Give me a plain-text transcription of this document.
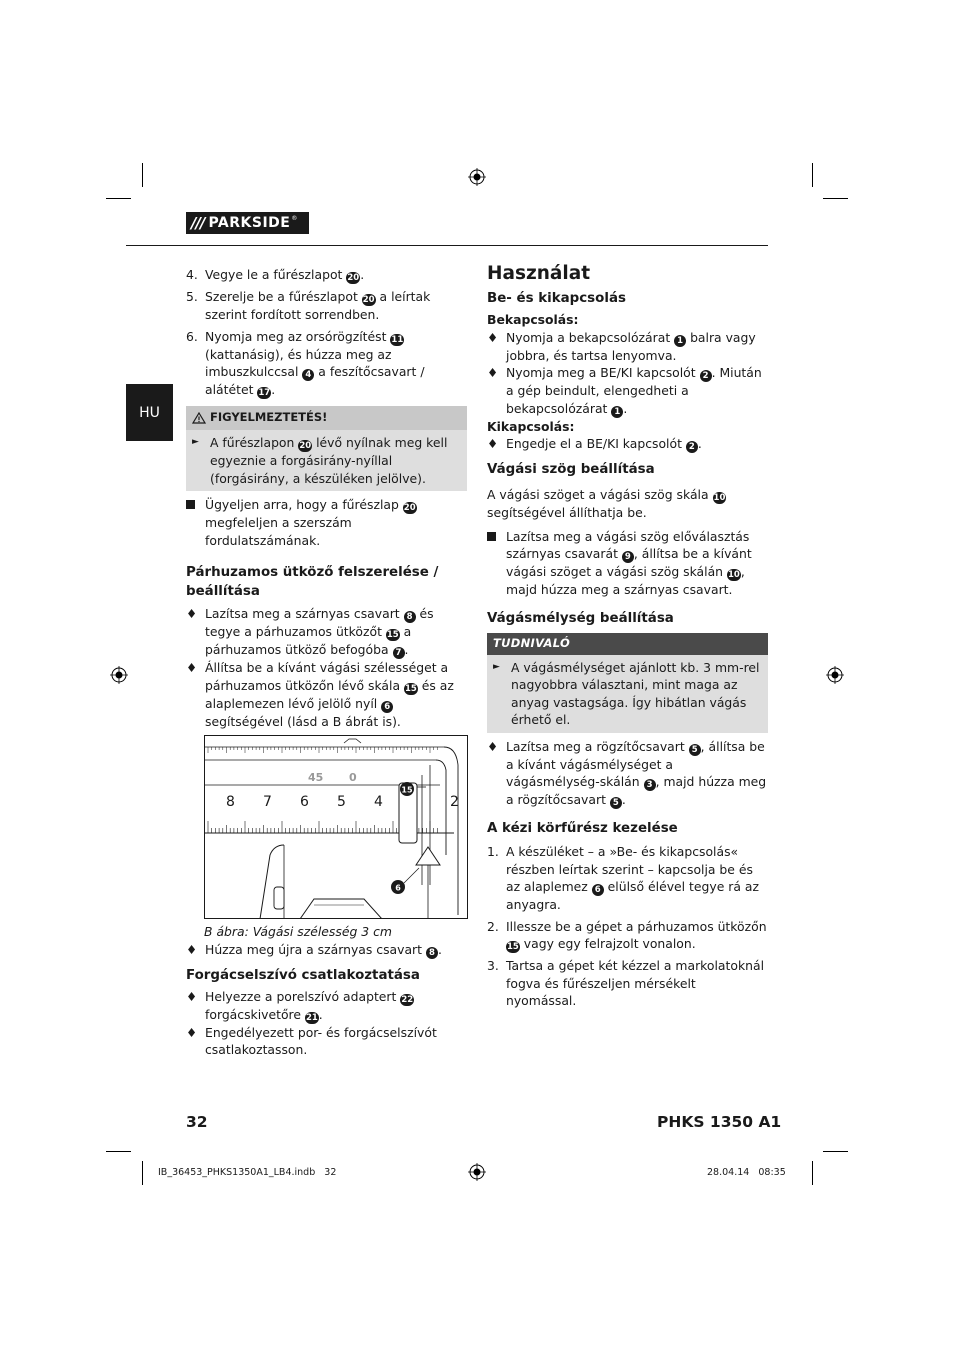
/// PARKSIDE ®
HU
4. Vegye le a fűrészlapot 20.
5. Szerelje be a fűrészlapot 20 a leírtak szerint fordított sorrendben.
6. Nyomja meg az orsórögzítést 11 (kattanásig), és húzza meg az imbuszkulccsal 4 a feszítőcsavart / alátétet 17.
FIGYELMEZTETÉS!
► A fűrészlapon 20 lévő nyílnak meg kell egyeznie a forgásirány-nyíllal (forgásirány, a készüléken jelölve).
Ügyeljen arra, hogy a fűrészlap 20 megfeleljen a szerszám fordulatszámának.

Párhuzamos ütköző felszerelése / beállítása

♦ Lazítsa meg a szárnyas csavart 8 és tegye a párhuzamos ütközőt 15 a párhuzamos ütköző befogóba 7 .
♦ Állítsa be a kívánt vágási szélességet a párhuzamos ütközőn lévő skála 15 és az alaplemezen lévő jelölő nyíl 6 segítségével (lásd a B ábrát is).
45 0
8 7 6 5 4	2
15
6

B ábra: Vágási szélesség 3 cm

♦ Húzza meg újra a szárnyas csavart 8 .

Forgácselszívó csatlakoztatása

♦ Helyezze a porelszívó adaptert 22 forgácskivetőre 21.
♦ Engedélyezett por- és forgácselszívót csatlakoztasson.

Használat

Be- és kikapcsolás

Bekapcsolás:

♦ Nyomja a bekapcsolózárat 1 balra vagy jobbra, és tartsa lenyomva.
♦ Nyomja meg a BE/KI kapcsolót 2 . Miután a gép beindult, elengedheti a bekapcsolózárat 1 .

Kikapcsolás:

♦ Engedje el a BE/KI kapcsolót 2 .

Vágási szög beállítása

A vágási szöget a vágási szög skála 10 segítségével állíthatja be.

Lazítsa meg a vágási szög előválasztás szárnyas csavarát 9 , állítsa be a kívánt vágási szöget a vágási szög skálán 10, majd húzza meg a szárnyas csavart.

Vágásmélység beállítása

TUDNIVALÓ
► A vágásmélységet ajánlott kb. 3 mm-rel nagyobbra választani, mint maga az anyag vastagsága. Így hibátlan vágás érhető el.
♦ Lazítsa meg a rögzítőcsavart 5 , állítsa be a kívánt vágásmélységet a vágásmélység-skálán 3 , majd húzza meg a rögzítőcsavart 5 .

A kézi körfűrész kezelése

1. A készüléket – a »Be- és kikapcsolás« részben leírtak szerint – kapcsolja be és az alaplemez 6 elülső élével tegye rá az anyagra.
2. Illessze be a gépet a párhuzamos ütközőn 15 vagy egy felrajzolt vonalon.
3. Tartsa a gépet két kézzel a markolatoknál fogva és fűrészeljen mérsékelt nyomással.
32	PHKS 1350 A1
IB_36453_PHKS1350A1_LB4.indb   32	28.04.14   08:35
